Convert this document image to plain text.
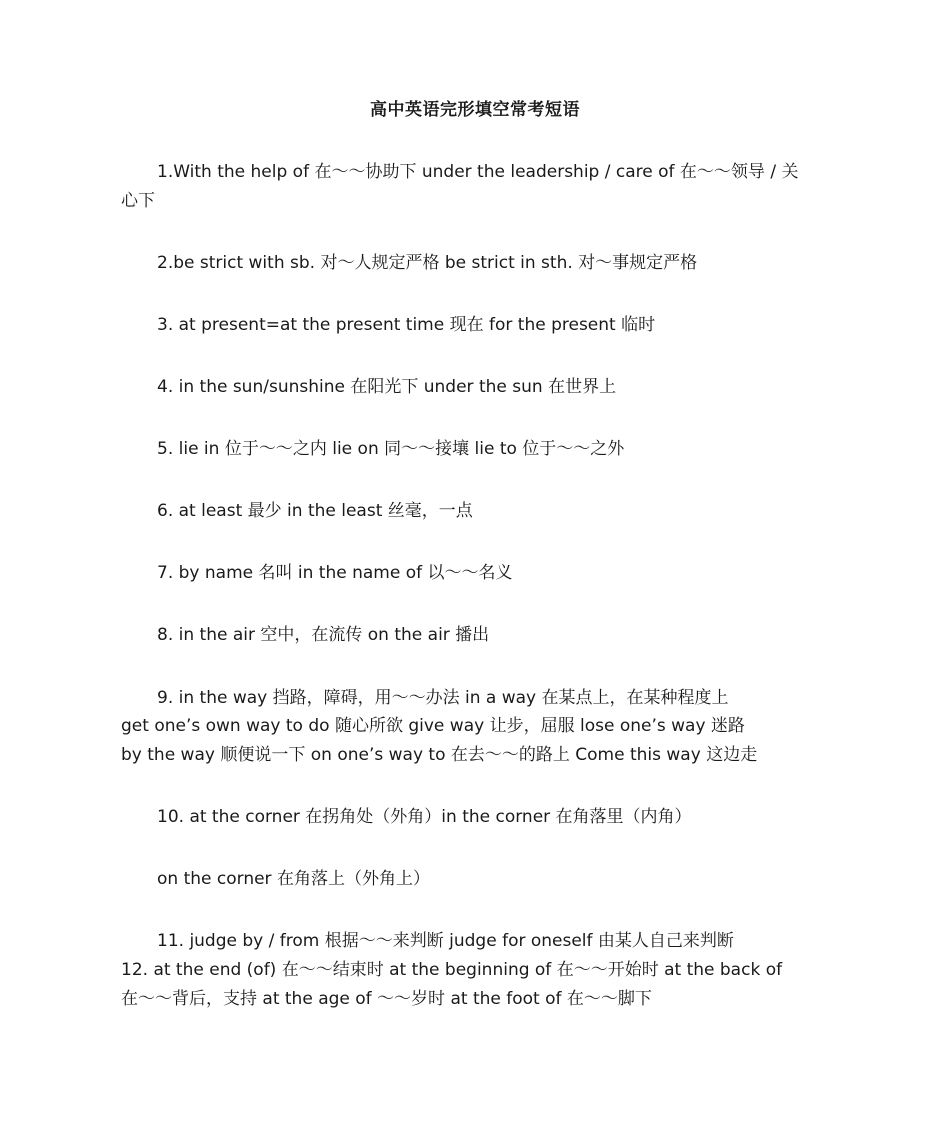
高中英语完形填空常考短语
1.With the help of 在～～协助下 under the leadership / care of 在～～领导 / 关
心下
2.be strict with sb. 对～人规定严格 be strict in sth. 对～事规定严格
3. at present=at the present time 现在 for the present 临时
4. in the sun/sunshine 在阳光下 under the sun 在世界上
5. lie in 位于～～之内 lie on 同～～接壤 lie to 位于～～之外
6. at least 最少 in the least 丝毫，一点
7. by name 名叫 in the name of 以～～名义
8. in the air 空中，在流传 on the air 播出
9. in the way 挡路，障碍，用～～办法 in a way 在某点上，在某种程度上
get one’s own way to do 随心所欲 give way 让步，屈服 lose one’s way 迷路
by the way 顺便说一下 on one’s way to 在去～～的路上 Come this way 这边走
10. at the corner 在拐角处（外角）in the corner 在角落里（内角）
on the corner 在角落上（外角上）
11. judge by / from 根据～～来判断 judge for oneself 由某人自己来判断
12. at the end (of) 在～～结束时 at the beginning of 在～～开始时 at the back of
在～～背后，支持 at the age of ～～岁时 at the foot of 在～～脚下
